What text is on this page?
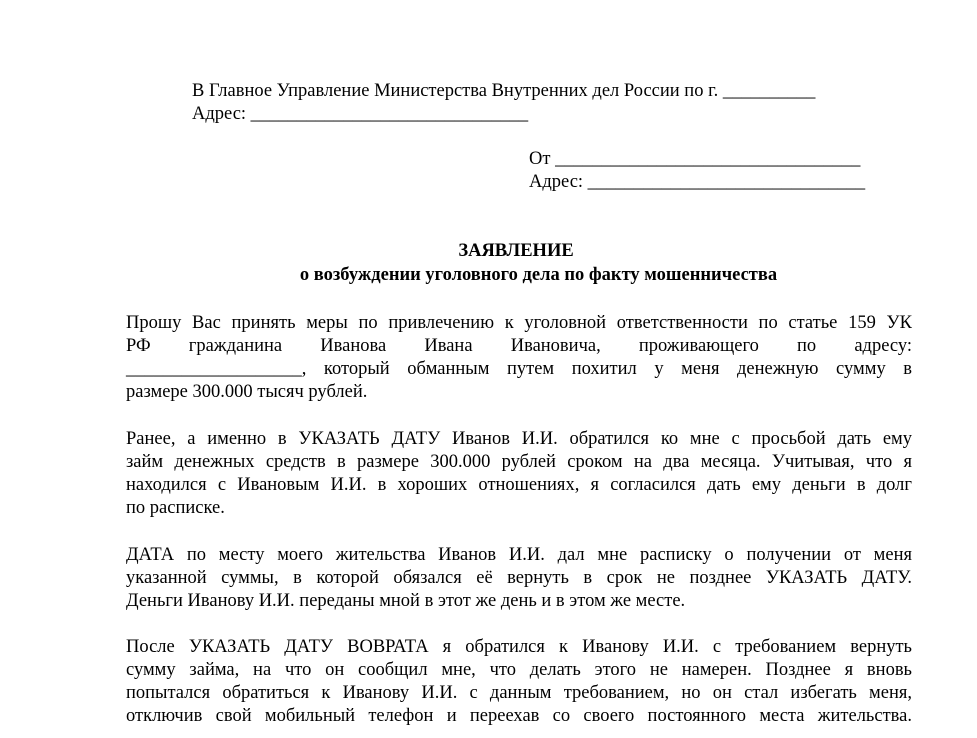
В Главное Управление Министерства Внутренних дел России по г. __________
Адрес: ______________________________
От _________________________________
Адрес: ______________________________
ЗАЯВЛЕНИЕ
о возбуждении уголовного дела по факту мошенничества
Прошу Вас принять меры по привлечению к уголовной ответственности по статье 159 УК
РФ гражданина Иванова Ивана Ивановича, проживающего по адресу:
___________________, который обманным путем похитил у меня денежную сумму в
размере 300.000 тысяч рублей.
Ранее, а именно в УКАЗАТЬ ДАТУ Иванов И.И. обратился ко мне с просьбой дать ему
займ денежных средств в размере 300.000 рублей сроком на два месяца. Учитывая, что я
находился с Ивановым И.И. в хороших отношениях, я согласился дать ему деньги в долг
по расписке.
ДАТА по месту моего жительства Иванов И.И. дал мне расписку о получении от меня
указанной суммы, в которой обязался её вернуть в срок не позднее УКАЗАТЬ ДАТУ.
Деньги Иванову И.И. переданы мной в этот же день и в этом же месте.
После УКАЗАТЬ ДАТУ ВОВРАТА я обратился к Иванову И.И. с требованием вернуть
сумму займа, на что он сообщил мне, что делать этого не намерен. Позднее я вновь
попытался обратиться к Иванову И.И. с данным требованием, но он стал избегать меня,
отключив свой мобильный телефон и переехав со своего постоянного места жительства.
